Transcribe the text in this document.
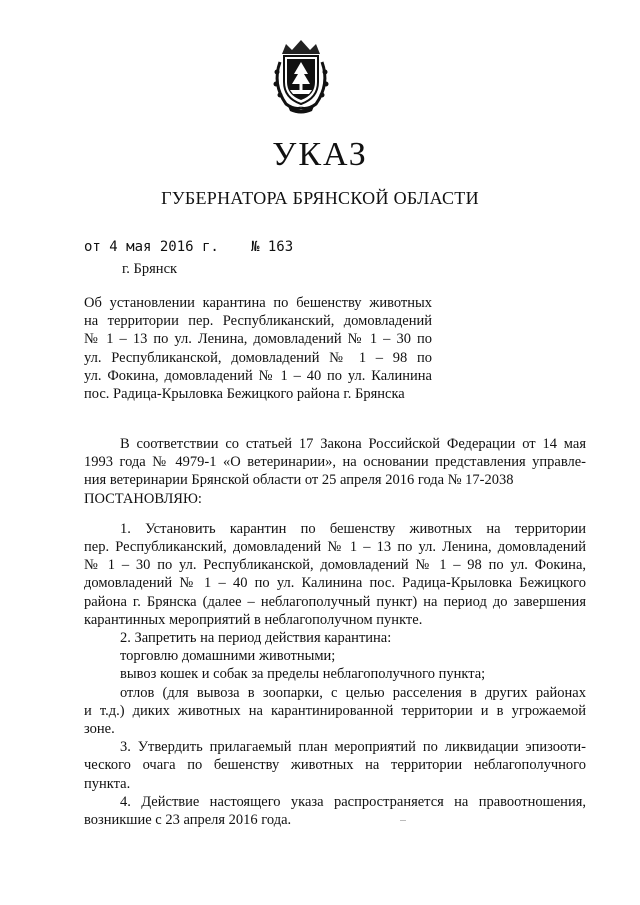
УКАЗ
ГУБЕРНАТОРА БРЯНСКОЙ ОБЛАСТИ
от 4 мая 2016 г. № 163
г. Брянск
Об установлении карантина по бешенству животных
на территории пер. Республиканский, домовладений
№ 1 – 13 по ул. Ленина, домовладений № 1 – 30 по
ул. Республиканской, домовладений № 1 – 98 по
ул. Фокина, домовладений № 1 – 40 по ул. Калинина
пос. Радица-Крыловка Бежицкого района г. Брянска
В соответствии со статьей 17 Закона Российской Федерации от 14 мая
1993 года № 4979-1 «О ветеринарии», на основании представления управле-
ния ветеринарии Брянской области от 25 апреля 2016 года № 17-2038
ПОСТАНОВЛЯЮ:
1. Установить карантин по бешенству животных на территории
пер. Республиканский, домовладений № 1 – 13 по ул. Ленина, домовладений
№ 1 – 30 по ул. Республиканской, домовладений № 1 – 98 по ул. Фокина,
домовладений № 1 – 40 по ул. Калинина пос. Радица-Крыловка Бежицкого
района г. Брянска (далее – неблагополучный пункт) на период до завершения
карантинных мероприятий в неблагополучном пункте.
2. Запретить на период действия карантина:
торговлю домашними животными;
вывоз кошек и собак за пределы неблагополучного пункта;
отлов (для вывоза в зоопарки, с целью расселения в других районах
и т.д.) диких животных на карантинированной территории и в угрожаемой
зоне.
3. Утвердить прилагаемый план мероприятий по ликвидации эпизооти-
ческого очага по бешенству животных на территории неблагополучного
пункта.
4. Действие настоящего указа распространяется на правоотношения,
возникшие с 23 апреля 2016 года.
